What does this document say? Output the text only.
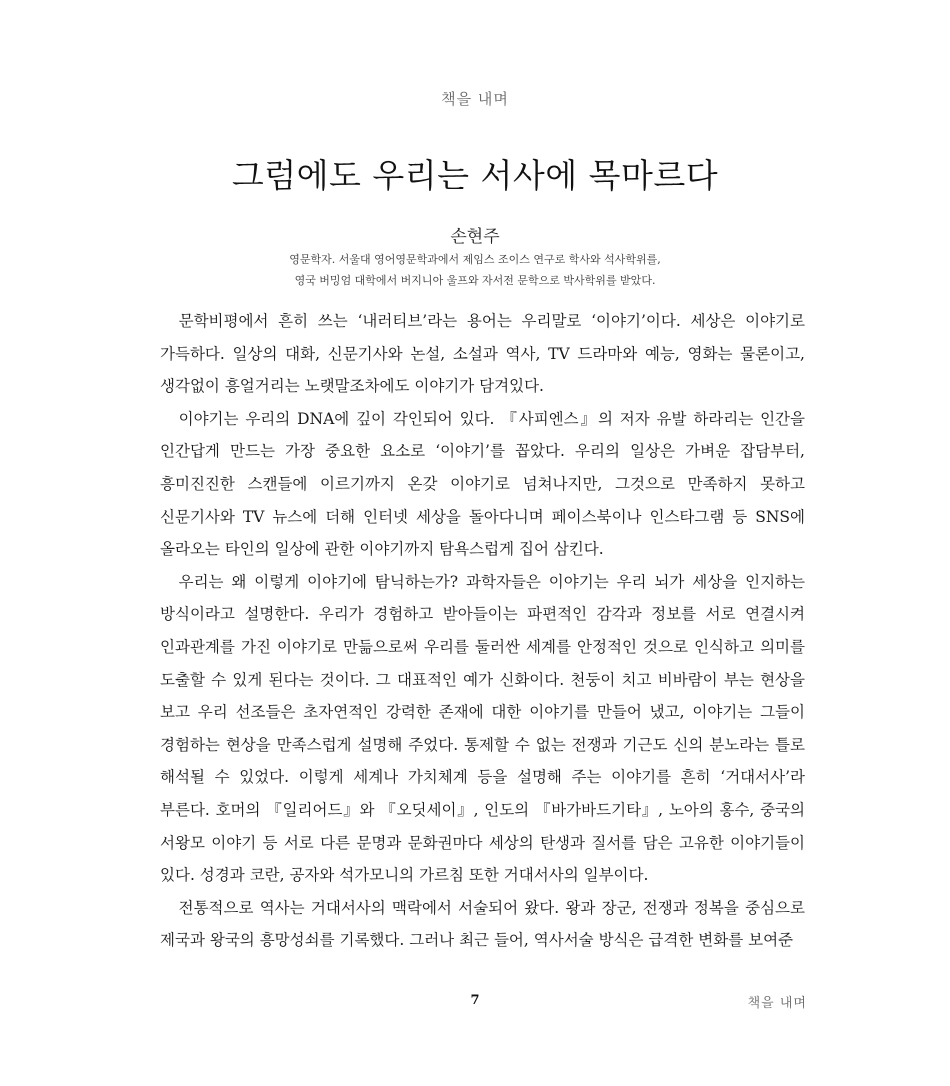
책을 내며
그럼에도 우리는 서사에 목마르다
손현주
영문학자. 서울대 영어영문학과에서 제임스 조이스 연구로 학사와 석사학위를,
영국 버밍엄 대학에서 버지니아 울프와 자서전 문학으로 박사학위를 받았다.

문학비평에서 흔히 쓰는 ‘내러티브’라는 용어는 우리말로 ‘이야기’이다. 세상은 이야기로 가득하다. 일상의 대화, 신문기사와 논설, 소설과 역사, TV 드라마와 예능, 영화는 물론이고, 생각없이 흥얼거리는 노랫말조차에도 이야기가 담겨있다.

이야기는 우리의 DNA에 깊이 각인되어 있다. 『사피엔스』의 저자 유발 하라리는 인간을 인간답게 만드는 가장 중요한 요소로 ‘이야기’를 꼽았다. 우리의 일상은 가벼운 잡담부터, 흥미진진한 스캔들에 이르기까지 온갖 이야기로 넘쳐나지만, 그것으로 만족하지 못하고 신문기사와 TV 뉴스에 더해 인터넷 세상을 돌아다니며 페이스북이나 인스타그램 등 SNS에 올라오는 타인의 일상에 관한 이야기까지 탐욕스럽게 집어 삼킨다.

우리는 왜 이렇게 이야기에 탐닉하는가? 과학자들은 이야기는 우리 뇌가 세상을 인지하는 방식이라고 설명한다. 우리가 경험하고 받아들이는 파편적인 감각과 정보를 서로 연결시켜 인과관계를 가진 이야기로 만듦으로써 우리를 둘러싼 세계를 안정적인 것으로 인식하고 의미를 도출할 수 있게 된다는 것이다. 그 대표적인 예가 신화이다. 천둥이 치고 비바람이 부는 현상을 보고 우리 선조들은 초자연적인 강력한 존재에 대한 이야기를 만들어 냈고, 이야기는 그들이 경험하는 현상을 만족스럽게 설명해 주었다. 통제할 수 없는 전쟁과 기근도 신의 분노라는 틀로 해석될 수 있었다. 이렇게 세계나 가치체계 등을 설명해 주는 이야기를 흔히 ‘거대서사’라 부른다. 호머의 『일리어드』와 『오딧세이』, 인도의 『바가바드기타』, 노아의 홍수, 중국의 서왕모 이야기 등 서로 다른 문명과 문화권마다 세상의 탄생과 질서를 담은 고유한 이야기들이 있다. 성경과 코란, 공자와 석가모니의 가르침 또한 거대서사의 일부이다.

전통적으로 역사는 거대서사의 맥락에서 서술되어 왔다. 왕과 장군, 전쟁과 정복을 중심으로 제국과 왕국의 흥망성쇠를 기록했다. 그러나 최근 들어, 역사서술 방식은 급격한 변화를 보여준

7	책을 내며
